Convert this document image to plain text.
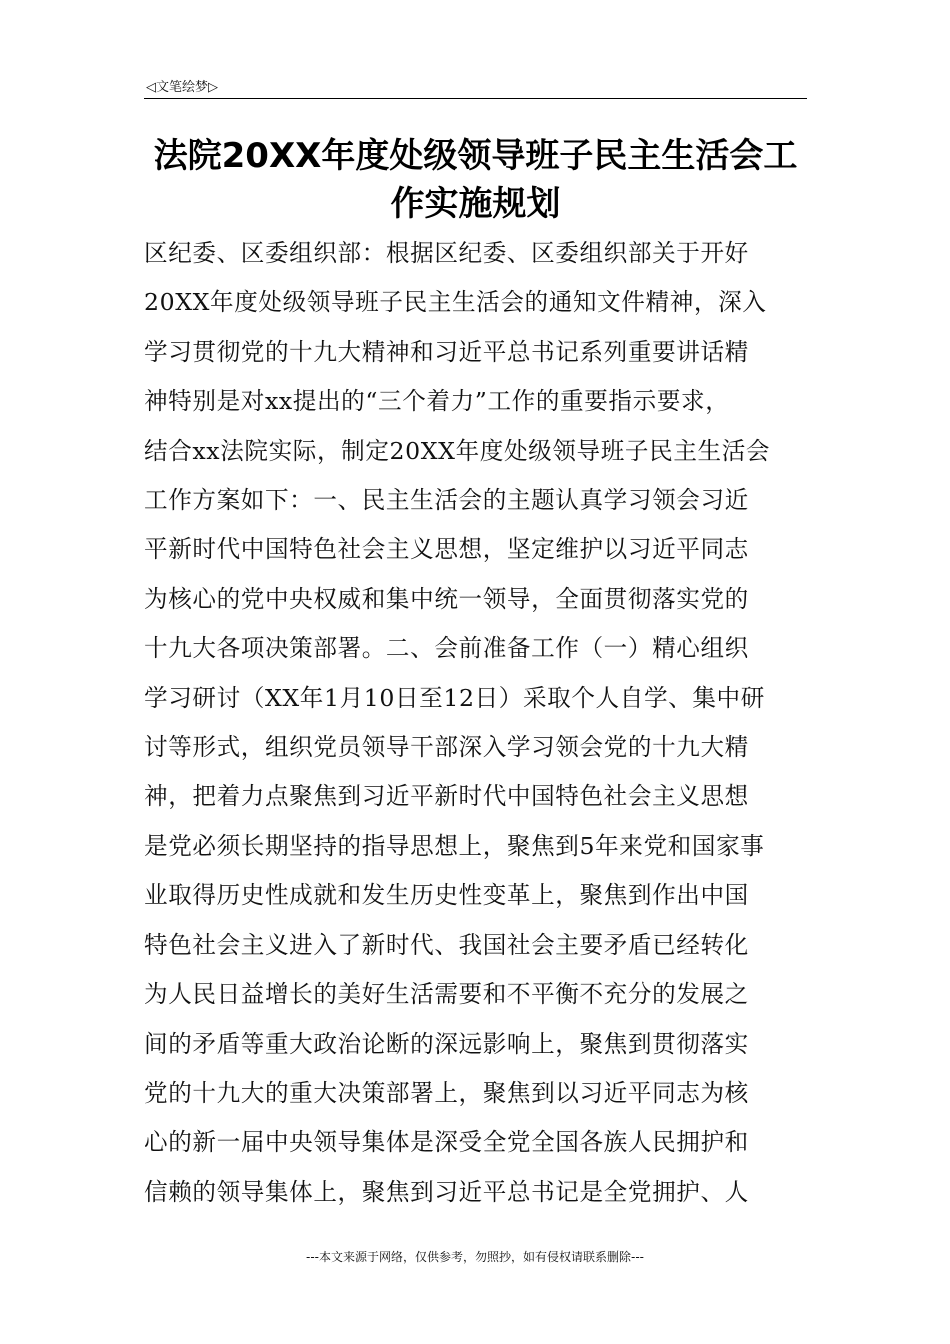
◁文笔绘梦▷
法院20XX年度处级领导班子民主生活会工
作实施规划
区纪委、区委组织部：根据区纪委、区委组织部关于开好
20XX年度处级领导班子民主生活会的通知文件精神，深入
学习贯彻党的十九大精神和习近平总书记系列重要讲话精
神特别是对xx提出的“三个着力”工作的重要指示要求，
结合xx法院实际，制定20XX年度处级领导班子民主生活会
工作方案如下：一、民主生活会的主题认真学习领会习近
平新时代中国特色社会主义思想，坚定维护以习近平同志
为核心的党中央权威和集中统一领导，全面贯彻落实党的
十九大各项决策部署。二、会前准备工作（一）精心组织
学习研讨（XX年1月10日至12日）采取个人自学、集中研
讨等形式，组织党员领导干部深入学习领会党的十九大精
神，把着力点聚焦到习近平新时代中国特色社会主义思想
是党必须长期坚持的指导思想上，聚焦到5年来党和国家事
业取得历史性成就和发生历史性变革上，聚焦到作出中国
特色社会主义进入了新时代、我国社会主要矛盾已经转化
为人民日益增长的美好生活需要和不平衡不充分的发展之
间的矛盾等重大政治论断的深远影响上，聚焦到贯彻落实
党的十九大的重大决策部署上，聚焦到以习近平同志为核
心的新一届中央领导集体是深受全党全国各族人民拥护和
信赖的领导集体上，聚焦到习近平总书记是全党拥护、人
---本文来源于网络，仅供参考，勿照抄，如有侵权请联系删除---
